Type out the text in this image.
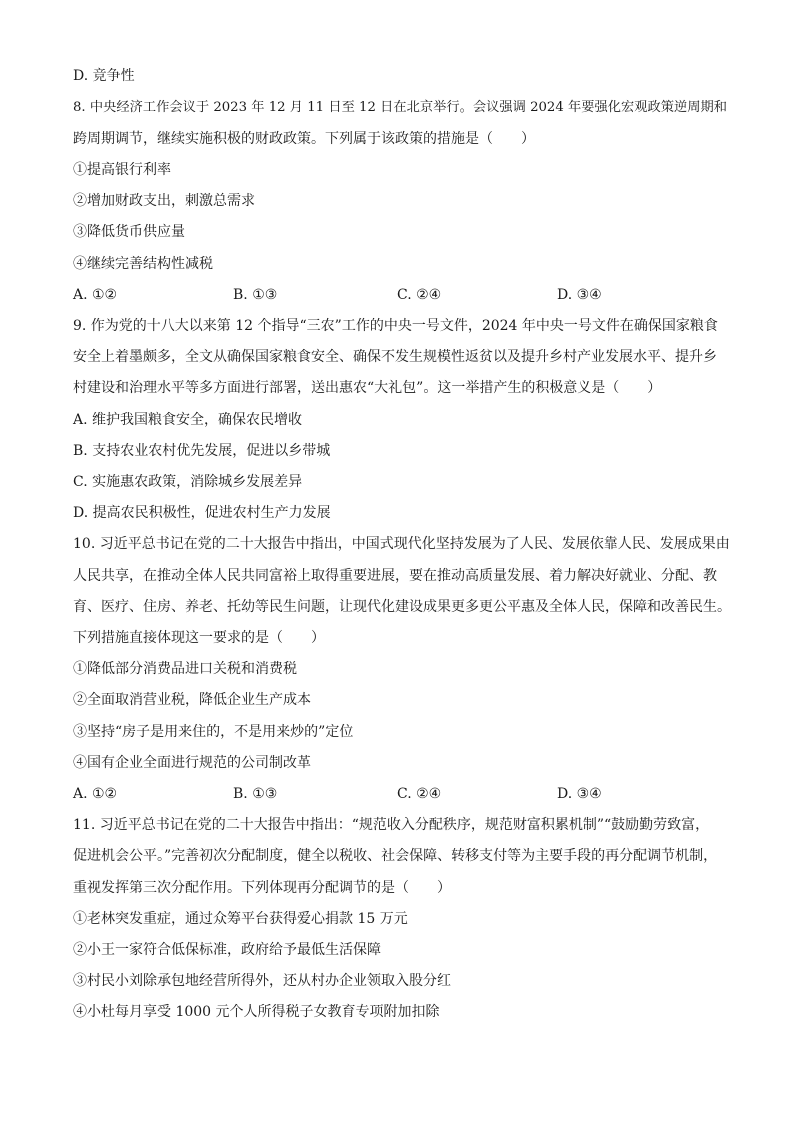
D. 竞争性
8. 中央经济工作会议于 2023 年 12 月 11 日至 12 日在北京举行。会议强调 2024 年要强化宏观政策逆周期和
跨周期调节，继续实施积极的财政政策。下列属于该政策的措施是（　　）
①提高银行利率
②增加财政支出，刺激总需求
③降低货币供应量
④继续完善结构性减税
A. ①②	B. ①③	C. ②④	D. ③④
9. 作为党的十八大以来第 12 个指导“三农”工作的中央一号文件，2024 年中央一号文件在确保国家粮食
安全上着墨颇多，全文从确保国家粮食安全、确保不发生规模性返贫以及提升乡村产业发展水平、提升乡
村建设和治理水平等多方面进行部署，送出惠农“大礼包”。这一举措产生的积极意义是（　　）
A. 维护我国粮食安全，确保农民增收
B. 支持农业农村优先发展，促进以乡带城
C. 实施惠农政策，消除城乡发展差异
D. 提高农民积极性，促进农村生产力发展
10. 习近平总书记在党的二十大报告中指出，中国式现代化坚持发展为了人民、发展依靠人民、发展成果由
人民共享，在推动全体人民共同富裕上取得重要进展，要在推动高质量发展、着力解决好就业、分配、教
育、医疗、住房、养老、托幼等民生问题，让现代化建设成果更多更公平惠及全体人民，保障和改善民生。
下列措施直接体现这一要求的是（　　）
①降低部分消费品进口关税和消费税
②全面取消营业税，降低企业生产成本
③坚持“房子是用来住的，不是用来炒的”定位
④国有企业全面进行规范的公司制改革
A. ①②	B. ①③	C. ②④	D. ③④
11. 习近平总书记在党的二十大报告中指出：“规范收入分配秩序，规范财富积累机制”“鼓励勤劳致富，
促进机会公平。”完善初次分配制度，健全以税收、社会保障、转移支付等为主要手段的再分配调节机制，
重视发挥第三次分配作用。下列体现再分配调节的是（　　）
①老林突发重症，通过众筹平台获得爱心捐款 15 万元
②小王一家符合低保标准，政府给予最低生活保障
③村民小刘除承包地经营所得外，还从村办企业领取入股分红
④小杜每月享受 1000 元个人所得税子女教育专项附加扣除
